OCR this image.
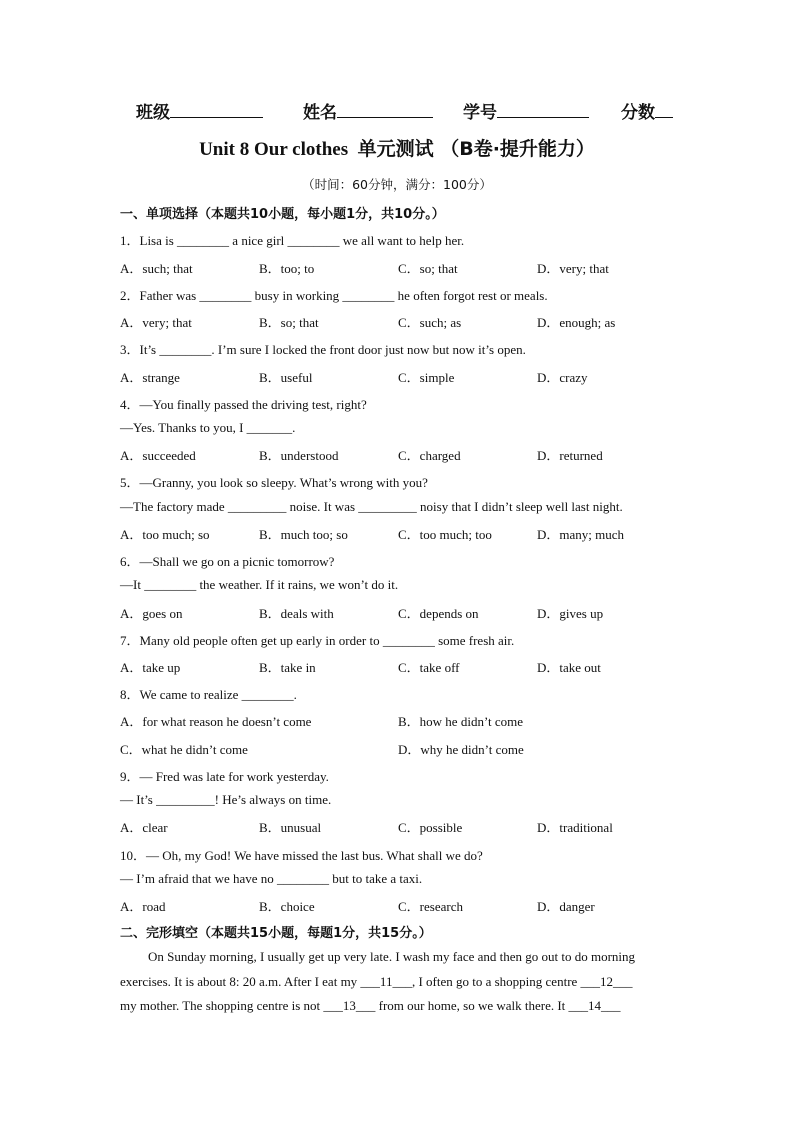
班级	姓名	学号	分数
Unit 8 Our clothes 单元测试 （B卷·提升能力）
（时间：60分钟，满分：100分）
一、单项选择（本题共10小题，每小题1分，共10分。）
1．Lisa is ________ a nice girl ________ we all want to help her.
A．such; that	B．too; to	C．so; that	D．very; that
2．Father was ________ busy in working ________ he often forgot rest or meals.
A．very; that	B．so; that	C．such; as	D．enough; as
3．It’s ________. I’m sure I locked the front door just now but now it’s open.
A．strange	B．useful	C．simple	D．crazy
4．—You finally passed the driving test, right?
—Yes. Thanks to you, I _______.
A．succeeded	B．understood	C．charged	D．returned
5．—Granny, you look so sleepy. What’s wrong with you?
—The factory made _________ noise. It was _________ noisy that I didn’t sleep well last night.
A．too much; so	B．much too; so	C．too much; too	D．many; much
6．—Shall we go on a picnic tomorrow?
—It ________ the weather. If it rains, we won’t do it.
A．goes on	B．deals with	C．depends on	D．gives up
7．Many old people often get up early in order to ________ some fresh air.
A．take up	B．take in	C．take off	D．take out
8．We came to realize ________.
A．for what reason he doesn’t come	B．how he didn’t come
C．what he didn’t come	D．why he didn’t come
9．— Fred was late for work yesterday.
— It’s _________! He’s always on time.
A．clear	B．unusual	C．possible	D．traditional
10．— Oh, my God! We have missed the last bus. What shall we do?
— I’m afraid that we have no ________ but to take a taxi.
A．road	B．choice	C．research	D．danger
二、完形填空（本题共15小题，每题1分，共15分。）
On Sunday morning, I usually get up very late. I wash my face and then go out to do morning
exercises. It is about 8: 20 a.m. After I eat my ___11___, I often go to a shopping centre ___12___
my mother. The shopping centre is not ___13___ from our home, so we walk there. It ___14___
